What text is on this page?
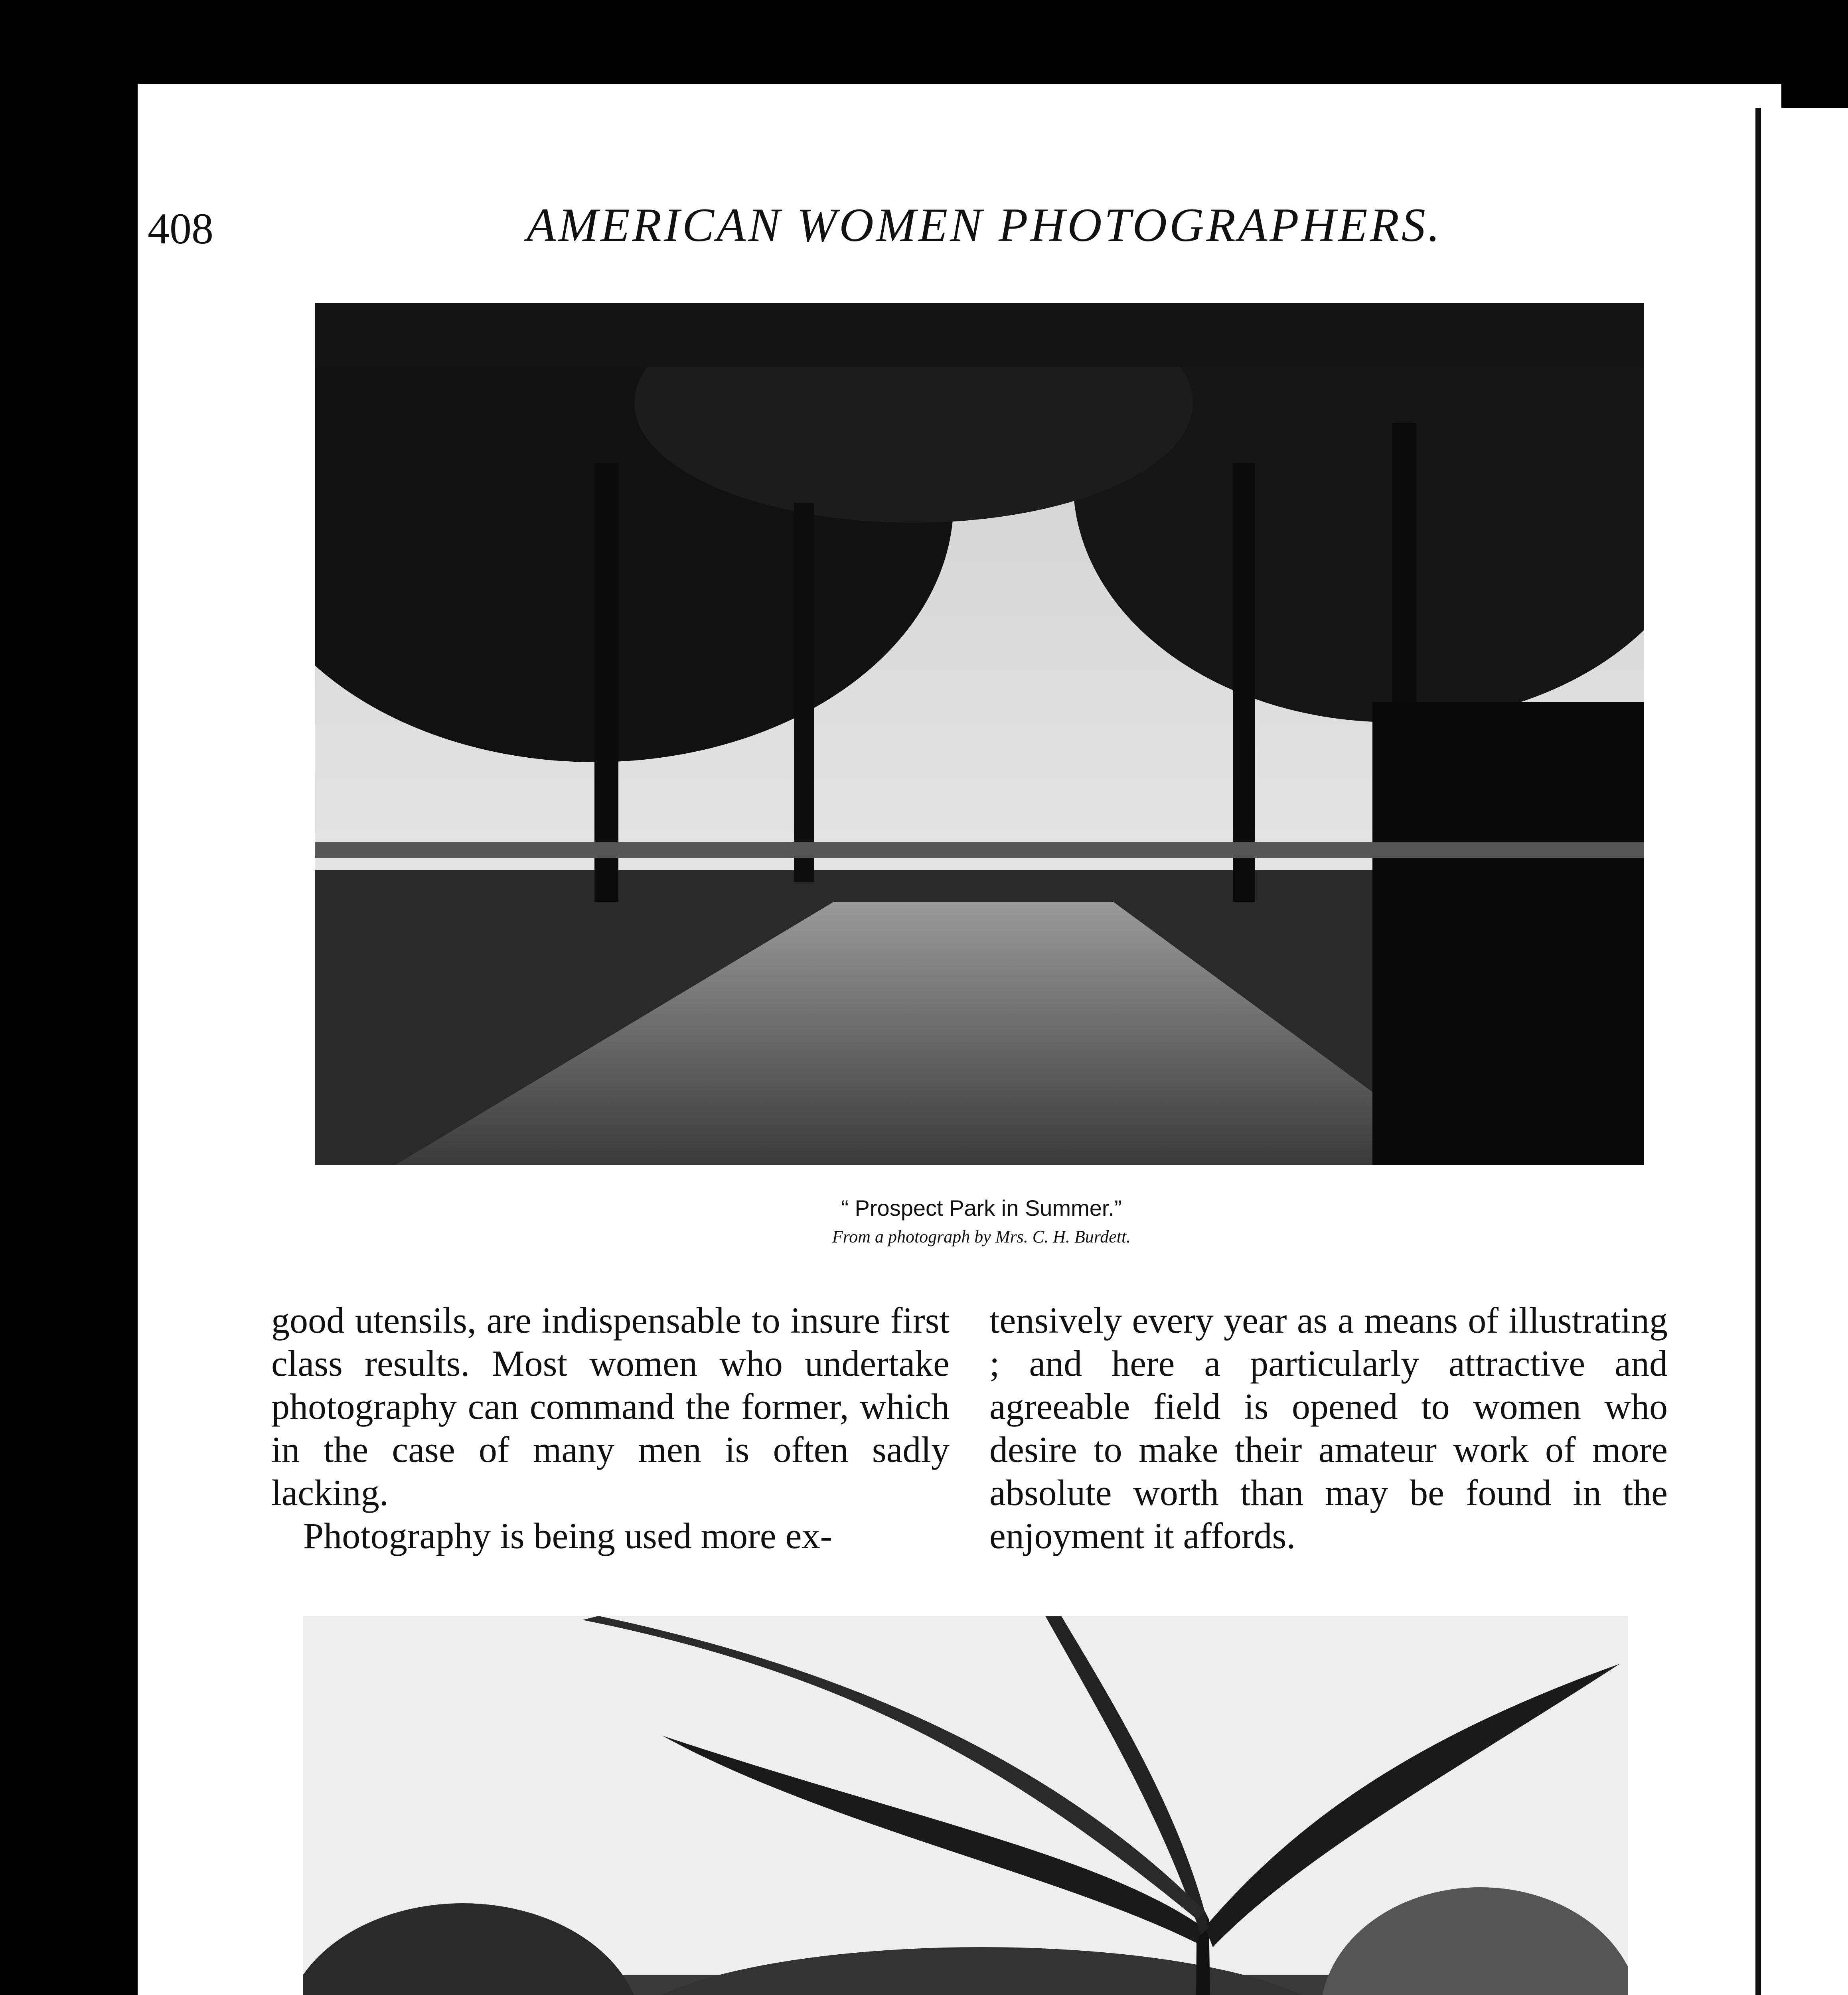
408	AMERICAN WOMEN PHOTOGRAPHERS.
“ Prospect Park in Summer.”
From a photograph by Mrs. C. H. Burdett.

good utensils, are indispensable to insure first class results. Most women who undertake photography can command the former, which in the case of many men is often sadly lacking.

Photography is being used more ex-

tensively every year as a means of illustrating ; and here a particularly attractive and agreeable field is opened to women who desire to make their amateur work of more absolute worth than may be found in the enjoyment it affords.
